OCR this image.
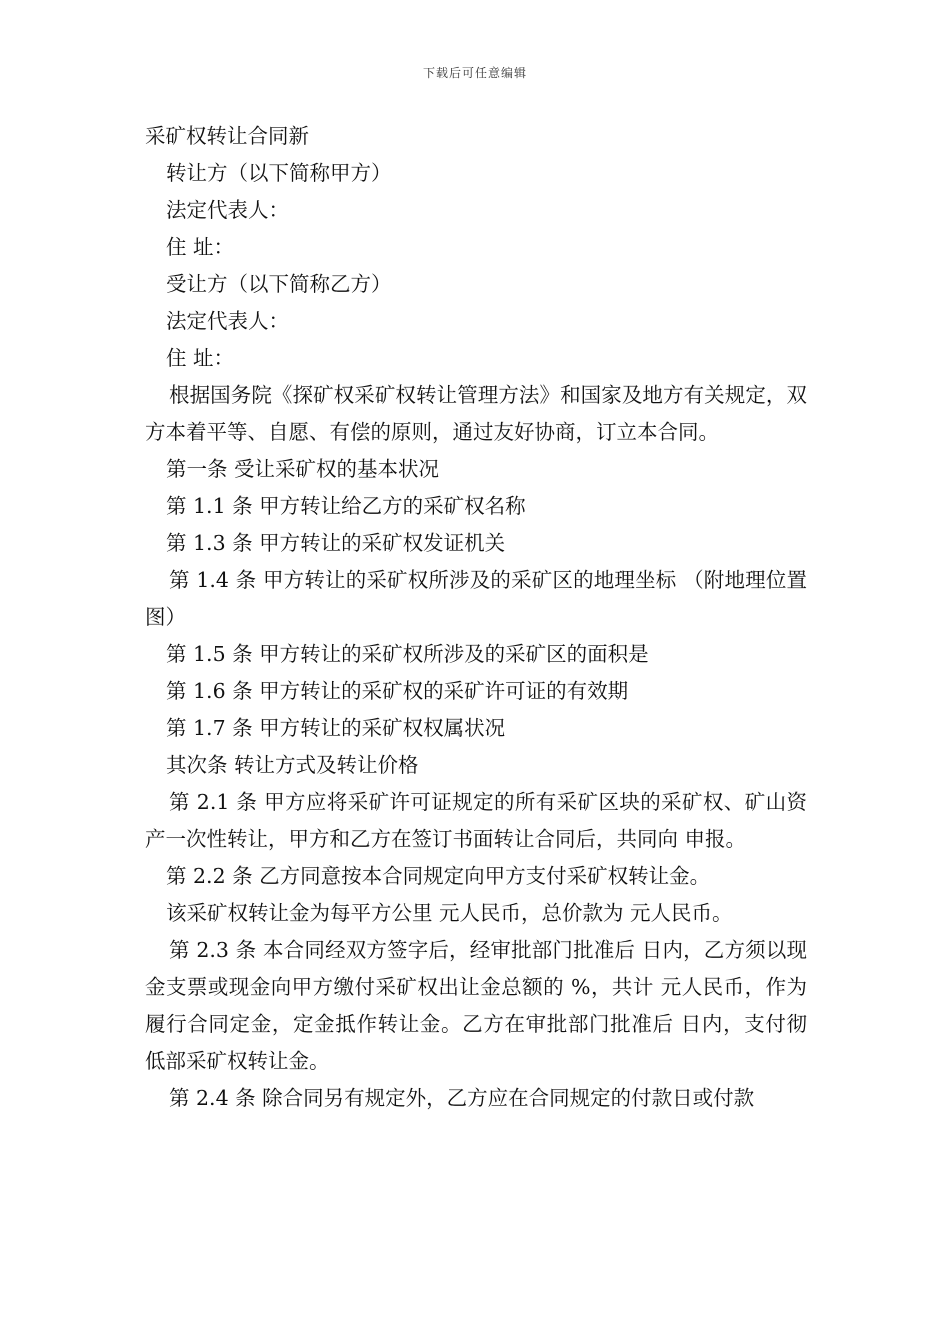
下载后可任意编辑
采矿权转让合同新
转让方（以下简称甲方）
法定代表人：
住 址：
受让方（以下简称乙方）
法定代表人：
住 址：

根据国务院《探矿权采矿权转让管理方法》和国家及地方有关规定，双方本着平等、自愿、有偿的原则，通过友好协商，订立本合同。

第一条 受让采矿权的基本状况
第 1.1 条 甲方转让给乙方的采矿权名称
第 1.3 条 甲方转让的采矿权发证机关

第 1.4 条 甲方转让的采矿权所涉及的采矿区的地理坐标 （附地理位置图）

第 1.5 条 甲方转让的采矿权所涉及的采矿区的面积是
第 1.6 条 甲方转让的采矿权的采矿许可证的有效期
第 1.7 条 甲方转让的采矿权权属状况
其次条 转让方式及转让价格

第 2.1 条 甲方应将采矿许可证规定的所有采矿区块的采矿权、矿山资产一次性转让，甲方和乙方在签订书面转让合同后，共同向 申报。

第 2.2 条 乙方同意按本合同规定向甲方支付采矿权转让金。
该采矿权转让金为每平方公里 元人民币，总价款为 元人民币。

第 2.3 条 本合同经双方签字后，经审批部门批准后 日内，乙方须以现金支票或现金向甲方缴付采矿权出让金总额的 %，共计 元人民币，作为履行合同定金，定金抵作转让金。乙方在审批部门批准后 日内，支付彻低部采矿权转让金。

第 2.4 条 除合同另有规定外，乙方应在合同规定的付款日或付款
